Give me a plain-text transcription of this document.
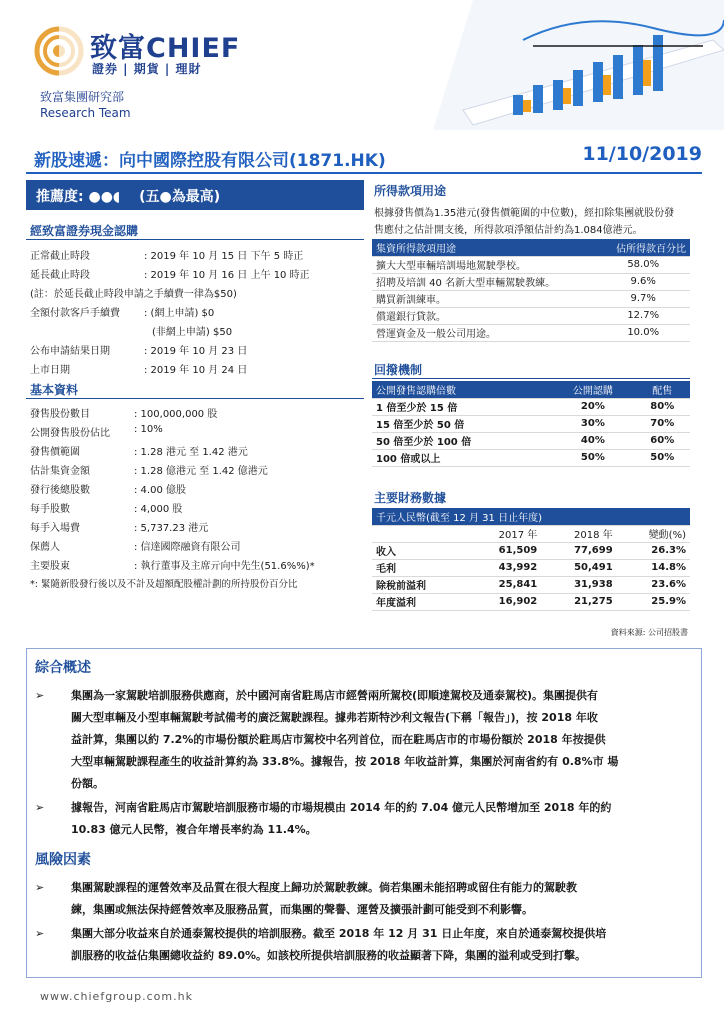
致富CHIEF
證券 | 期貨 | 理財
致富集團研究部
Research Team
新股速遞：向中國際控股有限公司(1871.HK)	11/10/2019
推薦度: ●●◖ (五●為最高)
經致富證券現金認購
正常截止時段	: 2019 年 10 月 15 日 下午 5 時正
延長截止時段	: 2019 年 10 月 16 日 上午 10 時正
(註：於延長截止時段申請之手續費一律為$50)
全額付款客戶手續費 : (網上申請) $0
(非網上申請) $50
公布申請結果日期	: 2019 年 10 月 23 日
上市日期	: 2019 年 10 月 24 日
基本資料
發售股份數目	: 100,000,000 股
公開發售股份佔比 : 10%
發售價範圍	: 1.28 港元 至 1.42 港元
估計集資金額	: 1.28 億港元 至 1.42 億港元
發行後總股數	: 4.00 億股
每手股數	: 4,000 股
每手入場費	: 5,737.23 港元
保薦人	: 信達國際融資有限公司
主要股東	: 執行董事及主席亓向中先生(51.6%%)*
*: 緊隨新股發行後以及不計及超額配股權計劃的所持股份百分比
所得款項用途
根據發售價為1.35港元(發售價範圍的中位數)，經扣除集團就股份發
售應付之估計開支後，所得款項淨額估計約為1.084億港元。
集資所得款項用途	佔所得款百分比
擴大大型車輛培訓場地駕駛學校。	58.0%
招聘及培訓 40 名新大型車輛駕駛教練。	9.6%
購買新訓練車。	9.7%
償還銀行貸款。	12.7%
營運資金及一般公司用途。	10.0%
回撥機制
公開發售認購倍數	公開認購	配售
1 倍至少於 15 倍	20%	80%
15 倍至少於 50 倍	30%	70%
50 倍至少於 100 倍	40%	60%
100 倍或以上	50%	50%
主要財務數據
千元人民幣(截至 12 月 31 日止年度)			
	2017 年	2018 年	變動(%)
收入	61,509	77,699	26.3%
毛利	43,992	50,491	14.8%
除稅前溢利	25,841	31,938	23.6%
年度溢利	16,902	21,275	25.9%
資料來源: 公司招股書
綜合概述
➢ 集團為一家駕駛培訓服務供應商，於中國河南省駐馬店市經營兩所駕校(即順達駕校及通泰駕校)。集團提供有
關大型車輛及小型車輛駕駛考試備考的廣泛駕駛課程。據弗若斯特沙利文報告(下稱「報告」)，按 2018 年收
益計算，集團以約 7.2%的市場份額於駐馬店市駕校中名列首位，而在駐馬店市的市場份額於 2018 年按提供
大型車輛駕駛課程產生的收益計算約為 33.8%。據報告，按 2018 年收益計算，集團於河南省約有 0.8%市 場
份額。
➢ 據報告，河南省駐馬店市駕駛培訓服務市場的市場規模由 2014 年的約 7.04 億元人民幣增加至 2018 年的約
10.83 億元人民幣，複合年增長率約為 11.4%。
風險因素
➢ 集團駕駛課程的運營效率及品質在很大程度上歸功於駕駛教練。倘若集團未能招聘或留住有能力的駕駛教
練，集團或無法保持經營效率及服務品質，而集團的聲譽、運營及擴張計劃可能受到不利影響。
➢ 集團大部分收益來自於通泰駕校提供的培訓服務。截至 2018 年 12 月 31 日止年度，來自於通泰駕校提供培
訓服務的收益佔集團總收益約 89.0%。如該校所提供培訓服務的收益顯著下降，集團的溢利或受到打擊。
www.chiefgroup.com.hk
